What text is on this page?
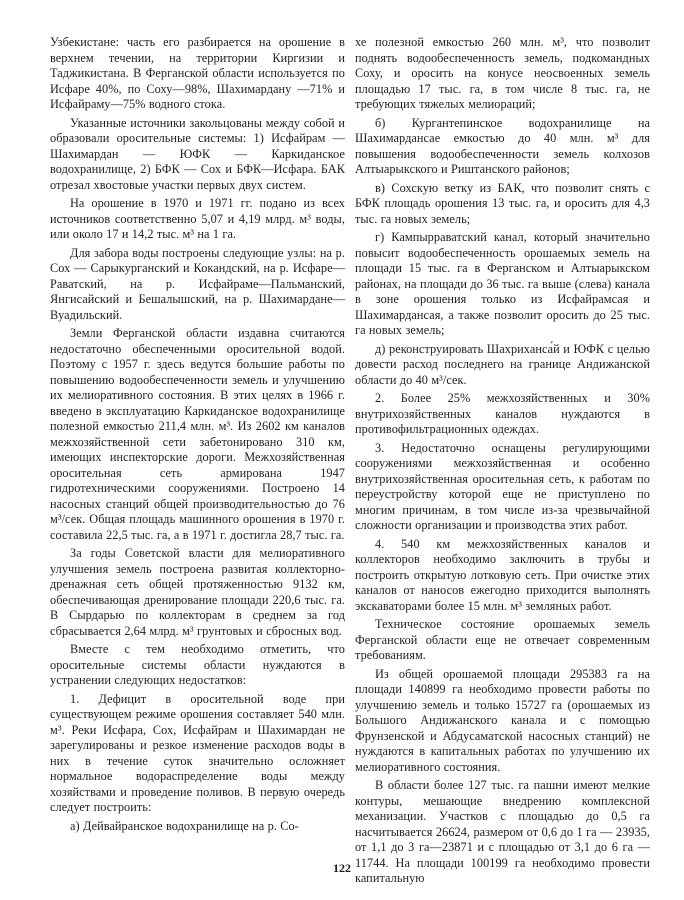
Узбекистане: часть его разбирается на орошение в верхнем течении, на территории Киргизии и Таджикистана. В Ферганской области используется по Исфаре 40%, по Соху—98%, Шахимардану —71% и Исфайраму—75% водного стока.

Указанные источники закольцованы между собой и образовали оросительные системы: 1) Исфайрам — Шахимардан — ЮФК — Каркиданское водохранилище, 2) БФК — Сох и БФК—Исфара. БАК отрезал хвостовые участки первых двух систем.

На орошение в 1970 и 1971 гг. подано из всех источников соответственно 5,07 и 4,19 млрд. м³ воды, или около 17 и 14,2 тыс. м³ на 1 га.

Для забора воды построены следующие узлы: на р. Сох — Сарыкурганский и Кокандский, на р. Исфаре—Раватский, на р. Исфайраме—Пальманский, Янгисайский и Бешалышский, на р. Шахимардане—Вуадильский.

Земли Ферганской области издавна считаются недостаточно обеспеченными оросительной водой. Поэтому с 1957 г. здесь ведутся большие работы по повышению водообеспеченности земель и улучшению их мелиоративного состояния. В этих целях в 1966 г. введено в эксплуатацию Каркиданское водохранилище полезной емкостью 211,4 млн. м³. Из 2602 км каналов межхозяйственной сети забетонировано 310 км, имеющих инспекторские дороги. Межхозяйственная оросительная сеть армирована 1947 гидротехническими сооружениями. Построено 14 насосных станций общей производительностью до 76 м³/сек. Общая площадь машинного орошения в 1970 г. составила 22,5 тыс. га, а в 1971 г. достигла 28,7 тыс. га.

За годы Советской власти для мелиоративного улучшения земель построена развитая коллекторно-дренажная сеть общей протяженностью 9132 км, обеспечивающая дренирование площади 220,6 тыс. га. В Сырдарью по коллекторам в среднем за год сбрасывается 2,64 млрд. м³ грунтовых и сбросных вод.

Вместе с тем необходимо отметить, что оросительные системы области нуждаются в устранении следующих недостатков:

1. Дефицит в оросительной воде при существующем режиме орошения составляет 540 млн. м³. Реки Исфара, Сох, Исфайрам и Шахимардан не зарегулированы и резкое изменение расходов воды в них в течение суток значительно осложняет нормальное водораспределение воды между хозяйствами и проведение поливов. В первую очередь следует построить:

а) Дейвайранское водохранилище на р. Со-

хе полезной емкостью 260 млн. м³, что позволит поднять водообеспеченность земель, подкомандных Соху, и оросить на конусе неосвоенных земель площадью 17 тыс. га, в том числе 8 тыс. га, не требующих тяжелых мелиораций;

б) Кургантепинское водохранилище на Шахимардансае емкостью до 40 млн. м³ для повышения водообеспеченности земель колхозов Алтыарыкского и Риштанского районов;

в) Сохскую ветку из БАК, что позволит снять с БФК площадь орошения 13 тыс. га, и оросить для 4,3 тыс. га новых земель;

г) Кампырраватский канал, который значительно повысит водообеспеченность орошаемых земель на площади 15 тыс. га в Ферганском и Алтыарыкском районах, на площади до 36 тыс. га выше (слева) канала в зоне орошения только из Исфайрамсая и Шахимардансая, а также позволит оросить до 25 тыс. га новых земель;

д) реконструировать Шахриханса́й и ЮФК с целью довести расход последнего на границе Андижанской области до 40 м³/сек.

2. Более 25% межхозяйственных и 30% внутрихозяйственных каналов нуждаются в противофильтрационных одеждах.

3. Недостаточно оснащены регулирующими сооружениями межхозяйственная и особенно внутрихозяйственная оросительная сеть, к работам по переустройству которой еще не приступлено по многим причинам, в том числе из-за чрезвычайной сложности организации и производства этих работ.

4. 540 км межхозяйственных каналов и коллекторов необходимо заключить в трубы и построить открытую лотковую сеть. При очистке этих каналов от наносов ежегодно приходится выполнять экскаваторами более 15 млн. м³ земляных работ.

Техническое состояние орошаемых земель Ферганской области еще не отвечает современным требованиям.

Из общей орошаемой площади 295383 га на площади 140899 га необходимо провести работы по улучшению земель и только 15727 га (орошаемых из Большого Андижанского канала и с помощью Фрунзенской и Абдусаматской насосных станций) не нуждаются в капитальных работах по улучшению их мелиоративного состояния.

В области более 127 тыс. га пашни имеют мелкие контуры, мешающие внедрению комплексной механизации. Участков с площадью до 0,5 га насчитывается 26624, размером от 0,6 до 1 га — 23935, от 1,1 до 3 га—23871 и с площадью от 3,1 до 6 га — 11744. На площади 100199 га необходимо провести капитальную

122
